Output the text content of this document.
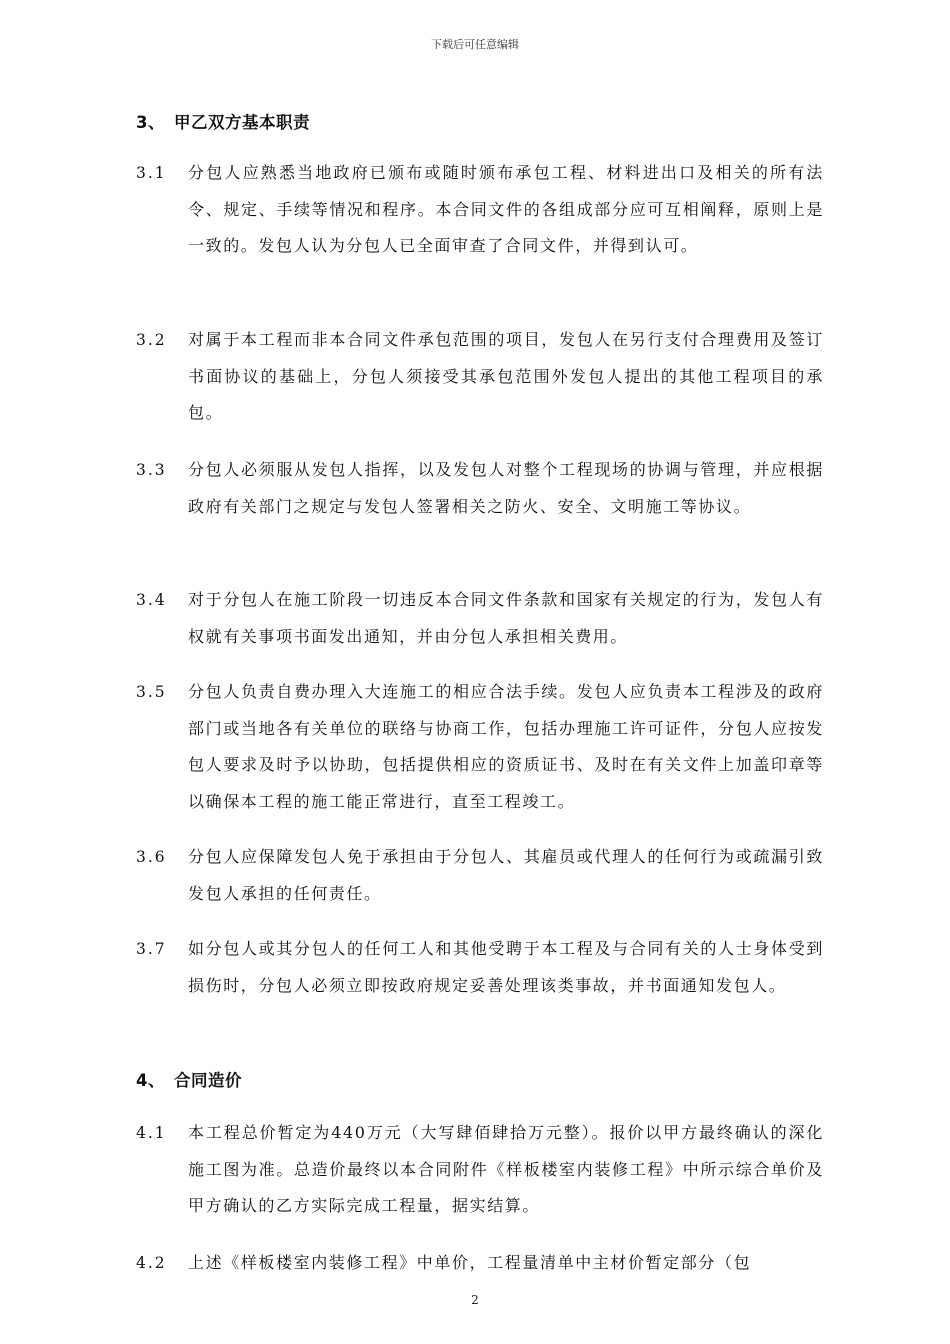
下载后可任意编辑
3、 甲乙双方基本职责
3.1 分包人应熟悉当地政府已颁布或随时颁布承包工程、材料进出口及相关的所有法令、规定、手续等情况和程序。本合同文件的各组成部分应可互相阐释，原则上是一致的。发包人认为分包人已全面审查了合同文件，并得到认可。
3.2 对属于本工程而非本合同文件承包范围的项目，发包人在另行支付合理费用及签订书面协议的基础上，分包人须接受其承包范围外发包人提出的其他工程项目的承包。
3.3 分包人必须服从发包人指挥，以及发包人对整个工程现场的协调与管理，并应根据政府有关部门之规定与发包人签署相关之防火、安全、文明施工等协议。
3.4 对于分包人在施工阶段一切违反本合同文件条款和国家有关规定的行为，发包人有权就有关事项书面发出通知，并由分包人承担相关费用。
3.5 分包人负责自费办理入大连施工的相应合法手续。发包人应负责本工程涉及的政府部门或当地各有关单位的联络与协商工作，包括办理施工许可证件，分包人应按发包人要求及时予以协助，包括提供相应的资质证书、及时在有关文件上加盖印章等以确保本工程的施工能正常进行，直至工程竣工。
3.6 分包人应保障发包人免于承担由于分包人、其雇员或代理人的任何行为或疏漏引致发包人承担的任何责任。
3.7 如分包人或其分包人的任何工人和其他受聘于本工程及与合同有关的人士身体受到损伤时，分包人必须立即按政府规定妥善处理该类事故，并书面通知发包人。
4、 合同造价
4.1 本工程总价暂定为440万元（大写肆佰肆拾万元整）。报价以甲方最终确认的深化施工图为准。总造价最终以本合同附件《样板楼室内装修工程》中所示综合单价及甲方确认的乙方实际完成工程量，据实结算。
4.2 上述《样板楼室内装修工程》中单价，工程量清单中主材价暂定部分（包
2
